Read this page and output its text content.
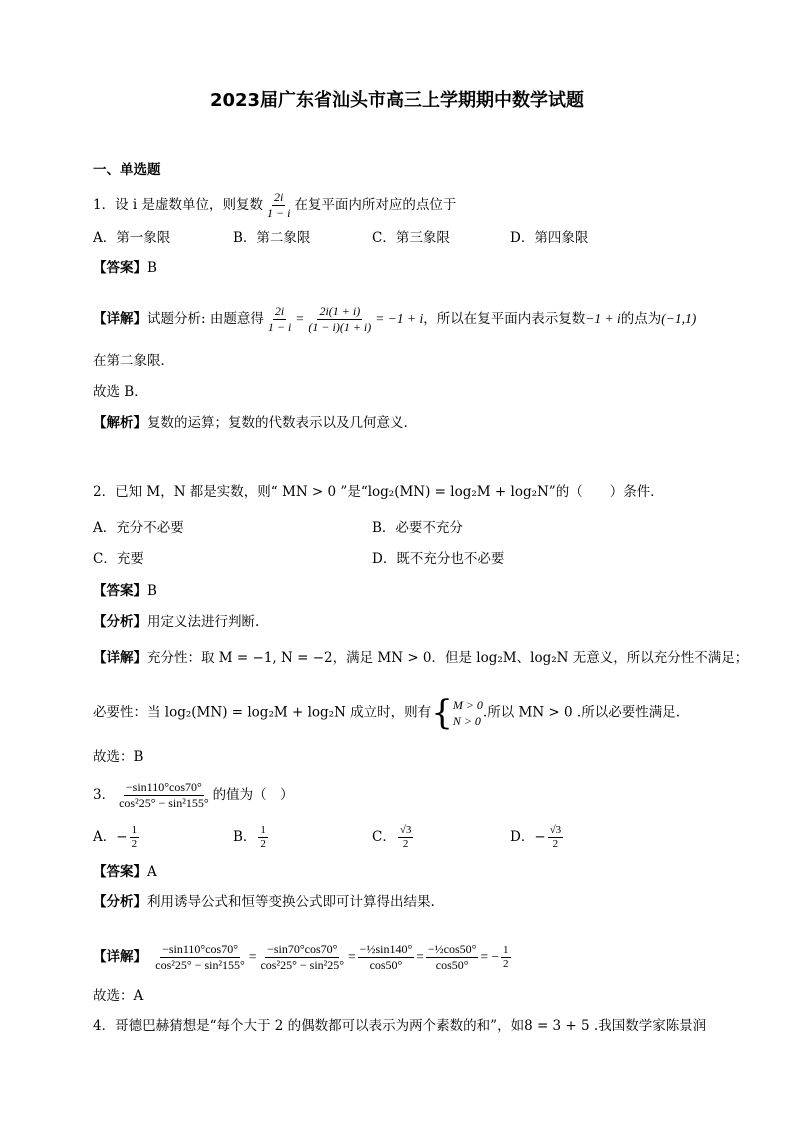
2023届广东省汕头市高三上学期期中数学试题
一、单选题
1．设 i 是虚数单位，则复数 $\frac{2i}{1 - i}$ 在复平面内所对应的点位于
A．第一象限	B．第二象限	C．第三象限	D．第四象限
【答案】B
【详解】试题分析: 由题意得 $\frac{2i}{1 - i} = \frac{2i(1 + i)}{(1 - i)(1 + i)} = -1 + i$，所以在复平面内表示复数−1 + i的点为(−1,1)
在第二象限．
故选 B．
【解析】复数的运算；复数的代数表示以及几何意义.
2．已知 M，N 都是实数，则“ MN > 0 ”是“log₂(MN) = log₂M + log₂N”的（　　）条件．
A．充分不必要	B．必要不充分
C．充要	D．既不充分也不必要
【答案】B
【分析】用定义法进行判断.
【详解】充分性：取 M = −1, N = −2，满足 MN > 0．但是 log₂M、log₂N 无意义，所以充分性不满足；
必要性：当 log₂(MN) = log₂M + log₂N 成立时，则有 { M > 0
N > 0
.所以 MN > 0 .所以必要性满足.
故选：B
3． $\frac{-\sin 110^\circ\cos 70^\circ}{\text{cos²25° − sin²155°}}$ 的值为（　）
A．− $\frac{1}{2}$	B． $\frac{1}{2}$	C． $\frac{√3}{2}$	D．− $\frac{√3}{2}$
【答案】A
【分析】利用诱导公式和恒等变换公式即可计算得出结果.
【详解】 $\frac{-\sin 110^\circ\cos 70^\circ}{\text{cos²25° − sin²155°}} = \frac{-\sin 70^\circ\cos 70^\circ}{\text{cos²25° − sin²25°}} = \frac{\text{−½sin140°}}{\cos 50^\circ} = \frac{\text{−½cos50°}}{\cos 50^\circ}$ = − $\frac{1}{2}$
故选：A
4．哥德巴赫猜想是“每个大于 2 的偶数都可以表示为两个素数的和”，如8 = 3 + 5 .我国数学家陈景润
